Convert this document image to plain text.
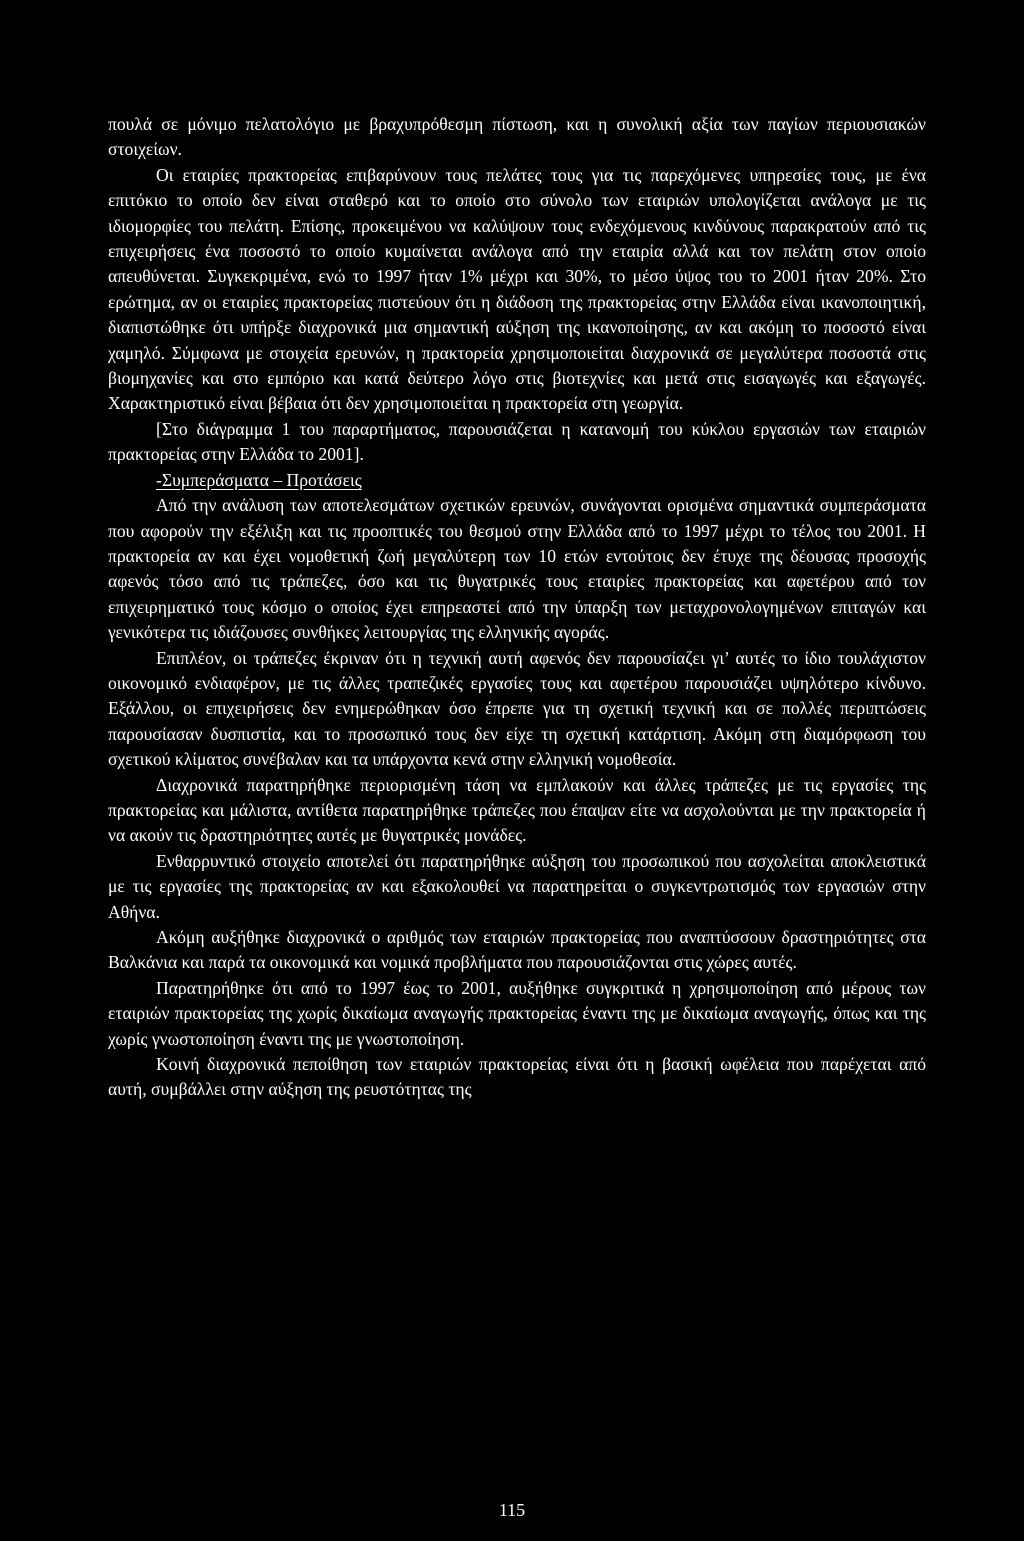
πουλά σε μόνιμο πελατολόγιο με βραχυπρόθεσμη πίστωση, και η συνολική αξία των παγίων περιουσιακών στοιχείων.

Οι εταιρίες πρακτορείας επιβαρύνουν τους πελάτες τους για τις παρεχόμενες υπηρεσίες τους, με ένα επιτόκιο το οποίο δεν είναι σταθερό και το οποίο στο σύνολο των εταιριών υπολογίζεται ανάλογα με τις ιδιομορφίες του πελάτη. Επίσης, προκειμένου να καλύψουν τους ενδεχόμενους κινδύνους παρακρατούν από τις επιχειρήσεις ένα ποσοστό το οποίο κυμαίνεται ανάλογα από την εταιρία αλλά και τον πελάτη στον οποίο απευθύνεται. Συγκεκριμένα, ενώ το 1997 ήταν 1% μέχρι και 30%, το μέσο ύψος του το 2001 ήταν 20%. Στο ερώτημα, αν οι εταιρίες πρακτορείας πιστεύουν ότι η διάδοση της πρακτορείας στην Ελλάδα είναι ικανοποιητική, διαπιστώθηκε ότι υπήρξε διαχρονικά μια σημαντική αύξηση της ικανοποίησης, αν και ακόμη το ποσοστό είναι χαμηλό. Σύμφωνα με στοιχεία ερευνών, η πρακτορεία χρησιμοποιείται διαχρονικά σε μεγαλύτερα ποσοστά στις βιομηχανίες και στο εμπόριο και κατά δεύτερο λόγο στις βιοτεχνίες και μετά στις εισαγωγές και εξαγωγές. Χαρακτηριστικό είναι βέβαια ότι δεν χρησιμοποιείται η πρακτορεία στη γεωργία.

[Στο διάγραμμα 1 του παραρτήματος, παρουσιάζεται η κατανομή του κύκλου εργασιών των εταιριών πρακτορείας στην Ελλάδα το 2001].

-Συμπεράσματα – Προτάσεις

Από την ανάλυση των αποτελεσμάτων σχετικών ερευνών, συνάγονται ορισμένα σημαντικά συμπεράσματα που αφορούν την εξέλιξη και τις προοπτικές του θεσμού στην Ελλάδα από το 1997 μέχρι το τέλος του 2001. Η πρακτορεία αν και έχει νομοθετική ζωή μεγαλύτερη των 10 ετών εντούτοις δεν έτυχε της δέουσας προσοχής αφενός τόσο από τις τράπεζες, όσο και τις θυγατρικές τους εταιρίες πρακτορείας και αφετέρου από τον επιχειρηματικό τους κόσμο ο οποίος έχει επηρεαστεί από την ύπαρξη των μεταχρονολογημένων επιταγών και γενικότερα τις ιδιάζουσες συνθήκες λειτουργίας της ελληνικής αγοράς.

Επιπλέον, οι τράπεζες έκριναν ότι η τεχνική αυτή αφενός δεν παρουσίαζει γι’ αυτές το ίδιο τουλάχιστον οικονομικό ενδιαφέρον, με τις άλλες τραπεζικές εργασίες τους και αφετέρου παρουσιάζει υψηλότερο κίνδυνο. Εξάλλου, οι επιχειρήσεις δεν ενημερώθηκαν όσο έπρεπε για τη σχετική τεχνική και σε πολλές περιπτώσεις παρουσίασαν δυσπιστία, και το προσωπικό τους δεν είχε τη σχετική κατάρτιση. Ακόμη στη διαμόρφωση του σχετικού κλίματος συνέβαλαν και τα υπάρχοντα κενά στην ελληνική νομοθεσία.

Διαχρονικά παρατηρήθηκε περιορισμένη τάση να εμπλακούν και άλλες τράπεζες με τις εργασίες της πρακτορείας και μάλιστα, αντίθετα παρατηρήθηκε τράπεζες που έπαψαν είτε να ασχολούνται με την πρακτορεία ή να ακούν τις δραστηριότητες αυτές με θυγατρικές μονάδες.

Ενθαρρυντικό στοιχείο αποτελεί ότι παρατηρήθηκε αύξηση του προσωπικού που ασχολείται αποκλειστικά με τις εργασίες της πρακτορείας αν και εξακολουθεί να παρατηρείται ο συγκεντρωτισμός των εργασιών στην Αθήνα.

Ακόμη αυξήθηκε διαχρονικά ο αριθμός των εταιριών πρακτορείας που αναπτύσσουν δραστηριότητες στα Βαλκάνια και παρά τα οικονομικά και νομικά προβλήματα που παρουσιάζονται στις χώρες αυτές.

Παρατηρήθηκε ότι από το 1997 έως το 2001, αυξήθηκε συγκριτικά η χρησιμοποίηση από μέρους των εταιριών πρακτορείας της χωρίς δικαίωμα αναγωγής πρακτορείας έναντι της με δικαίωμα αναγωγής, όπως και της χωρίς γνωστοποίηση έναντι της με γνωστοποίηση.

Κοινή διαχρονικά πεποίθηση των εταιριών πρακτορείας είναι ότι η βασική ωφέλεια που παρέχεται από αυτή, συμβάλλει στην αύξηση της ρευστότητας της

115
